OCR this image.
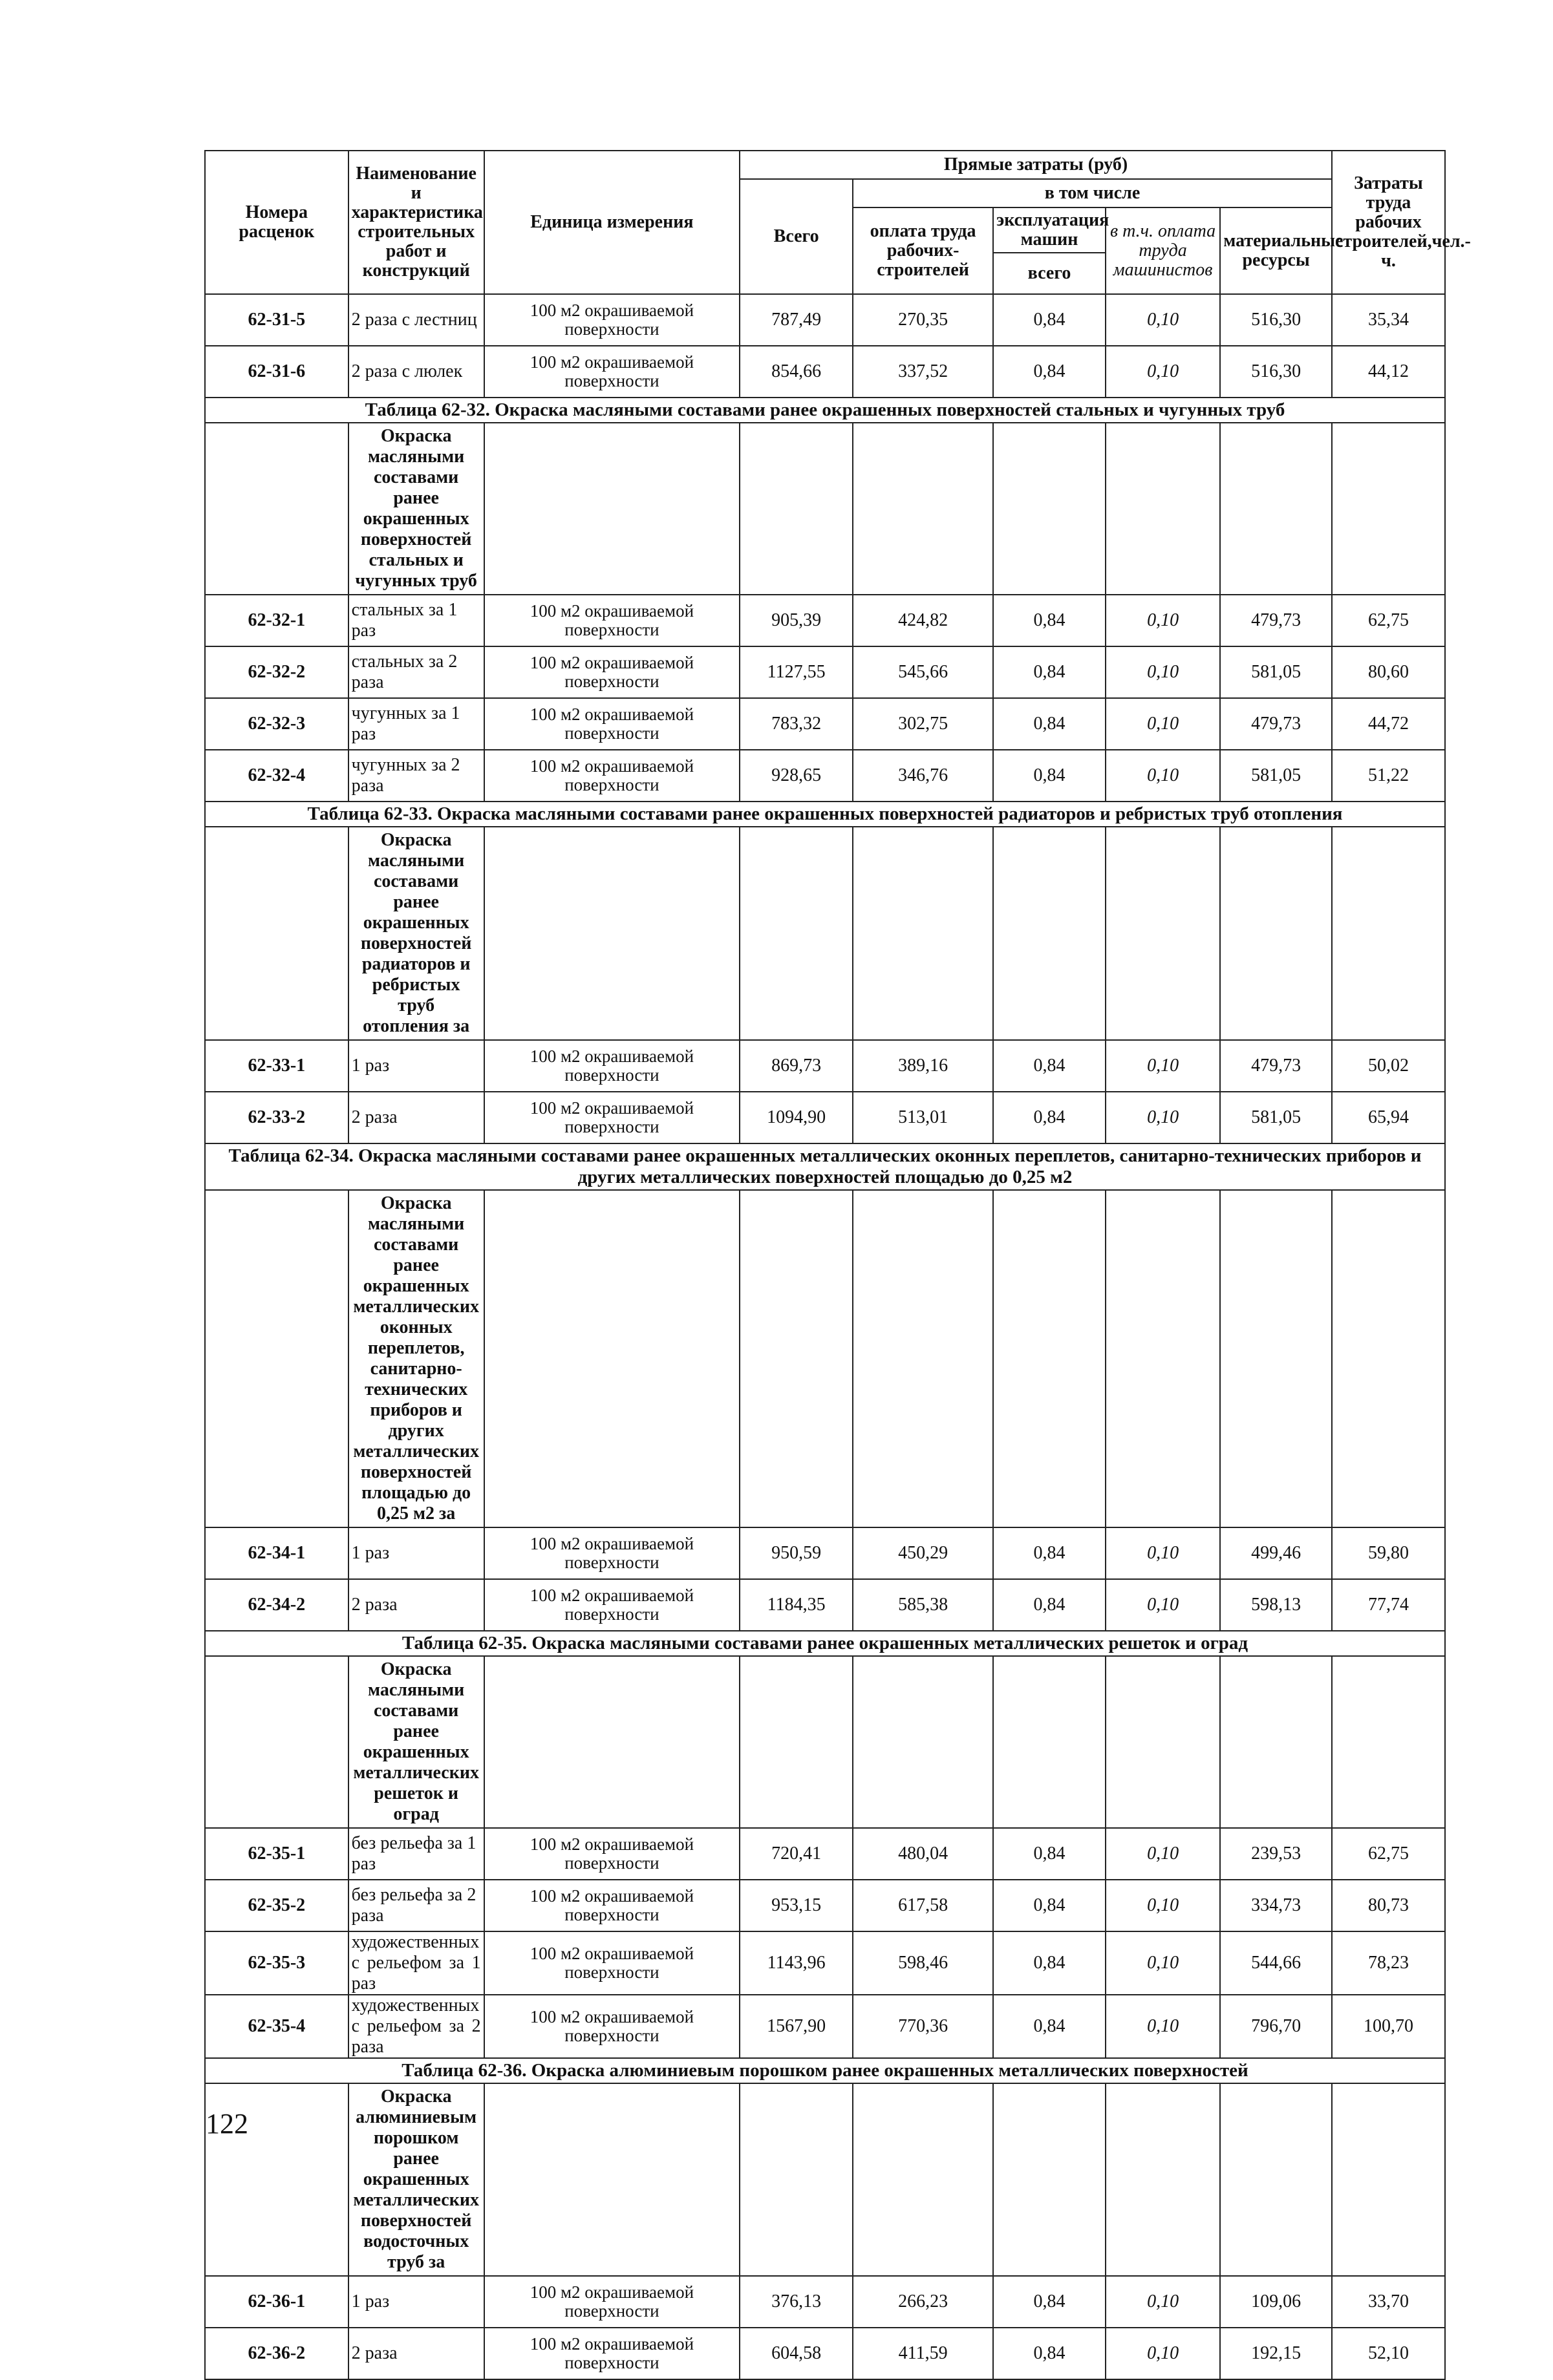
Номера расценок	Наименование и характеристика строительных работ и конструкций	Единица измерения	Прямые затраты (руб)					Затраты труда рабочих строителей,чел.-ч.
			Всего	в том числе				
				оплата труда рабочих-строителей	эксплуатация машин	в т.ч. оплата труда машинистов	материальные ресурсы	
					всего			
62-31-5	2 раза с лестниц	100 м2 окрашиваемой поверхности	787,49	270,35	0,84	0,10	516,30	35,34
62-31-6	2 раза с люлек	100 м2 окрашиваемой поверхности	854,66	337,52	0,84	0,10	516,30	44,12
Таблица 62-32. Окраска масляными составами ранее окрашенных поверхностей стальных и чугунных труб								
	Окраска масляными составами ранее окрашенных поверхностей стальных и чугунных труб							
62-32-1	стальных за 1 раз	100 м2 окрашиваемой поверхности	905,39	424,82	0,84	0,10	479,73	62,75
62-32-2	стальных за 2 раза	100 м2 окрашиваемой поверхности	1127,55	545,66	0,84	0,10	581,05	80,60
62-32-3	чугунных за 1 раз	100 м2 окрашиваемой поверхности	783,32	302,75	0,84	0,10	479,73	44,72
62-32-4	чугунных за 2 раза	100 м2 окрашиваемой поверхности	928,65	346,76	0,84	0,10	581,05	51,22
Таблица 62-33. Окраска масляными составами ранее окрашенных поверхностей радиаторов и ребристых труб отопления								
	Окраска масляными составами ранее окрашенных поверхностей радиаторов и ребристых труб отопления за							
62-33-1	1 раз	100 м2 окрашиваемой поверхности	869,73	389,16	0,84	0,10	479,73	50,02
62-33-2	2 раза	100 м2 окрашиваемой поверхности	1094,90	513,01	0,84	0,10	581,05	65,94
Таблица 62-34. Окраска масляными составами ранее окрашенных металлических оконных переплетов, санитарно-технических приборов и других металлических поверхностей площадью до 0,25 м2								
	Окраска масляными составами ранее окрашенных металлических оконных переплетов, санитарно-технических приборов и других металлических поверхностей площадью до 0,25 м2 за							
62-34-1	1 раз	100 м2 окрашиваемой поверхности	950,59	450,29	0,84	0,10	499,46	59,80
62-34-2	2 раза	100 м2 окрашиваемой поверхности	1184,35	585,38	0,84	0,10	598,13	77,74
Таблица 62-35. Окраска масляными составами ранее окрашенных металлических решеток и оград								
	Окраска масляными составами ранее окрашенных металлических решеток и оград							
62-35-1	без рельефа за 1 раз	100 м2 окрашиваемой поверхности	720,41	480,04	0,84	0,10	239,53	62,75
62-35-2	без рельефа за 2 раза	100 м2 окрашиваемой поверхности	953,15	617,58	0,84	0,10	334,73	80,73
62-35-3	художественных с рельефом за 1 раз	100 м2 окрашиваемой поверхности	1143,96	598,46	0,84	0,10	544,66	78,23
62-35-4	художественных с рельефом за 2 раза	100 м2 окрашиваемой поверхности	1567,90	770,36	0,84	0,10	796,70	100,70
Таблица 62-36. Окраска алюминиевым порошком ранее окрашенных металлических поверхностей								
	Окраска алюминиевым порошком ранее окрашенных металлических поверхностей водосточных труб за							
62-36-1	1 раз	100 м2 окрашиваемой поверхности	376,13	266,23	0,84	0,10	109,06	33,70
62-36-2	2 раза	100 м2 окрашиваемой поверхности	604,58	411,59	0,84	0,10	192,15	52,10
122
